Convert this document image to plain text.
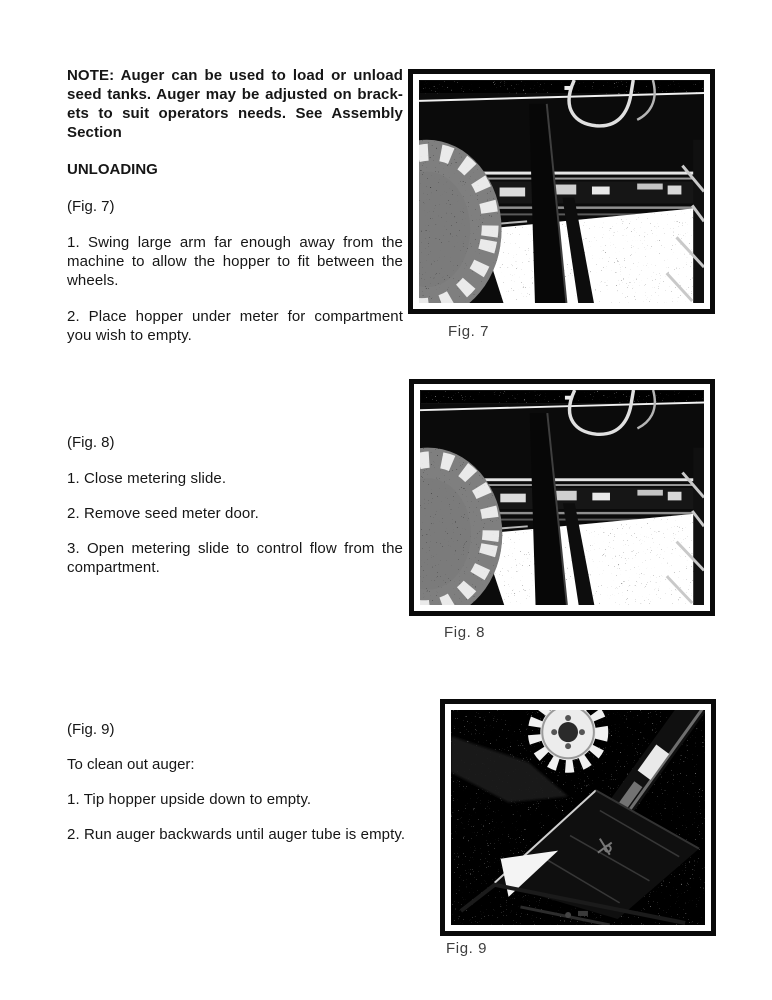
NOTE: Auger can be used to load or unload
seed tanks. Auger may be adjusted on brack-
ets to suit operators needs. See Assembly
Section
UNLOADING
(Fig. 7)
1. Swing large arm far enough away from the
machine to allow the hopper to fit between the
wheels.
2. Place hopper under meter for compartment
you wish to empty.
(Fig. 8)
1. Close metering slide.
2. Remove seed meter door.
3. Open metering slide to control flow from the
compartment.
(Fig. 9)
To clean out auger:
1. Tip hopper upside down to empty.
2. Run auger backwards until auger tube is empty.
Fig. 7
Fig. 8
Fig. 9
